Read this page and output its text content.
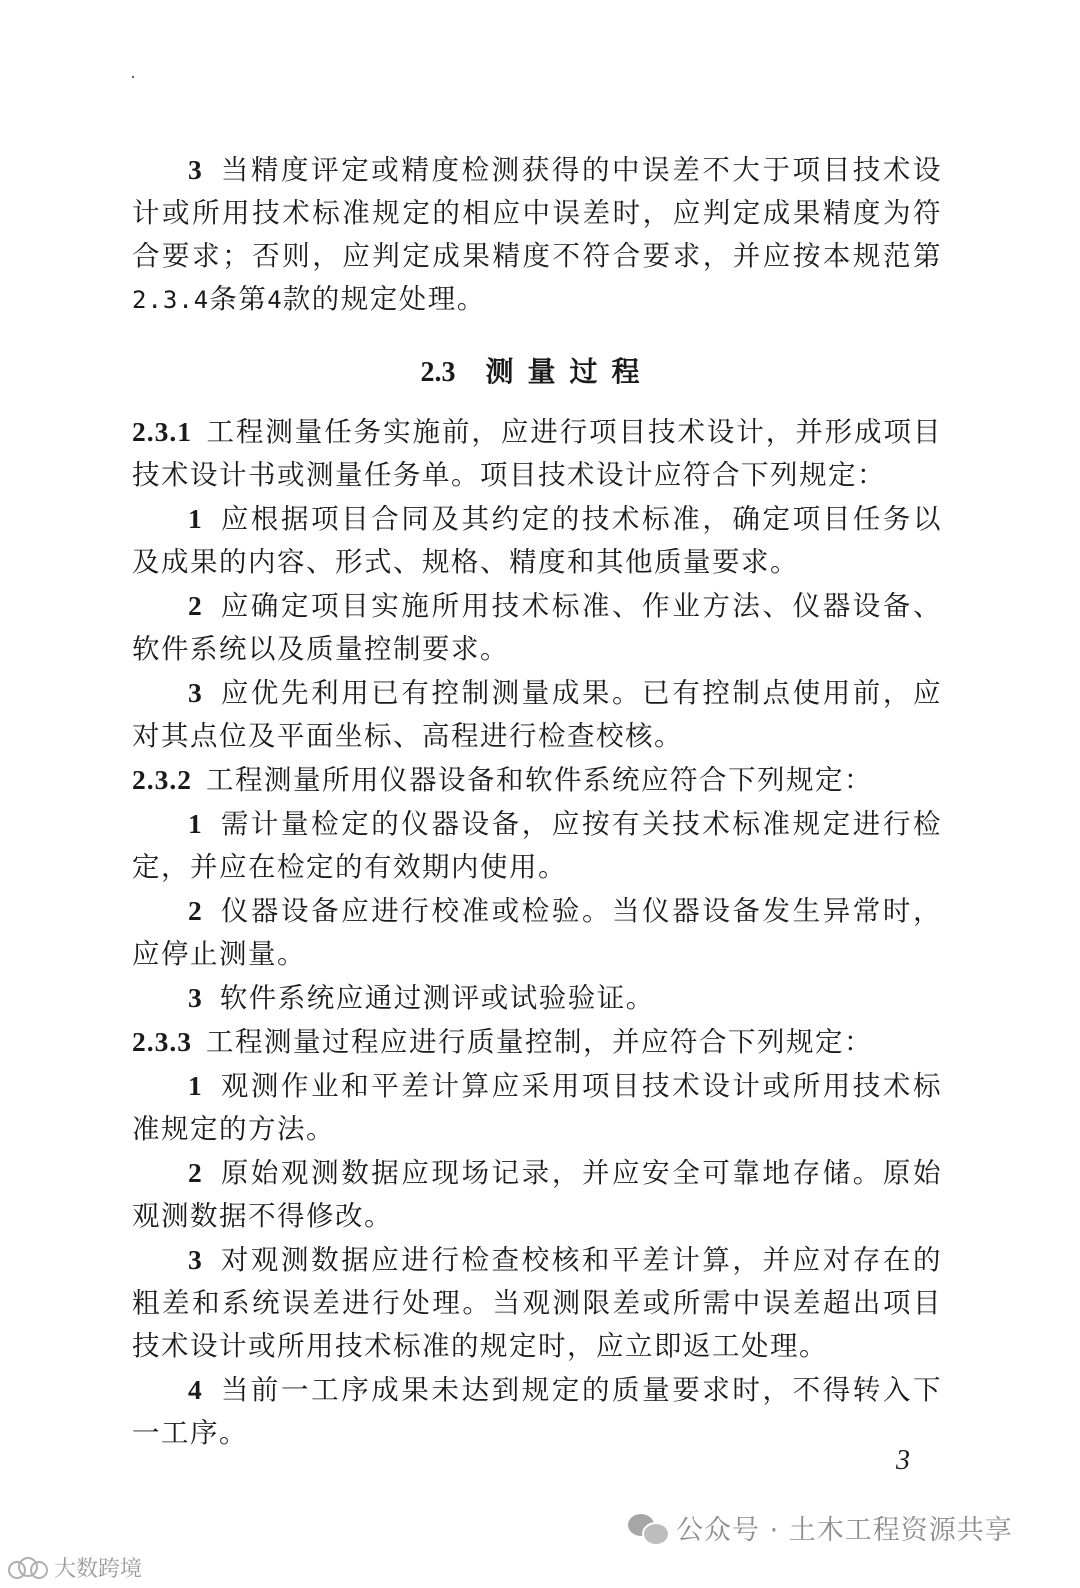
3 当精度评定或精度检测获得的中误差不大于项目技术设计或所用技术标准规定的相应中误差时，应判定成果精度为符合要求；否则，应判定成果精度不符合要求，并应按本规范第2.3.4条第4款的规定处理。

2.3 测量过程

2.3.1 工程测量任务实施前，应进行项目技术设计，并形成项目技术设计书或测量任务单。项目技术设计应符合下列规定：

1 应根据项目合同及其约定的技术标准，确定项目任务以及成果的内容、形式、规格、精度和其他质量要求。

2 应确定项目实施所用技术标准、作业方法、仪器设备、软件系统以及质量控制要求。

3 应优先利用已有控制测量成果。已有控制点使用前，应对其点位及平面坐标、高程进行检查校核。

2.3.2 工程测量所用仪器设备和软件系统应符合下列规定：

1 需计量检定的仪器设备，应按有关技术标准规定进行检定，并应在检定的有效期内使用。

2 仪器设备应进行校准或检验。当仪器设备发生异常时，应停止测量。

3 软件系统应通过测评或试验验证。

2.3.3 工程测量过程应进行质量控制，并应符合下列规定：

1 观测作业和平差计算应采用项目技术设计或所用技术标准规定的方法。

2 原始观测数据应现场记录，并应安全可靠地存储。原始观测数据不得修改。

3 对观测数据应进行检查校核和平差计算，并应对存在的粗差和系统误差进行处理。当观测限差或所需中误差超出项目技术设计或所用技术标准的规定时，应立即返工处理。

4 当前一工序成果未达到规定的质量要求时，不得转入下一工序。

3
公众号 · 土木工程资源共享
大数跨境
